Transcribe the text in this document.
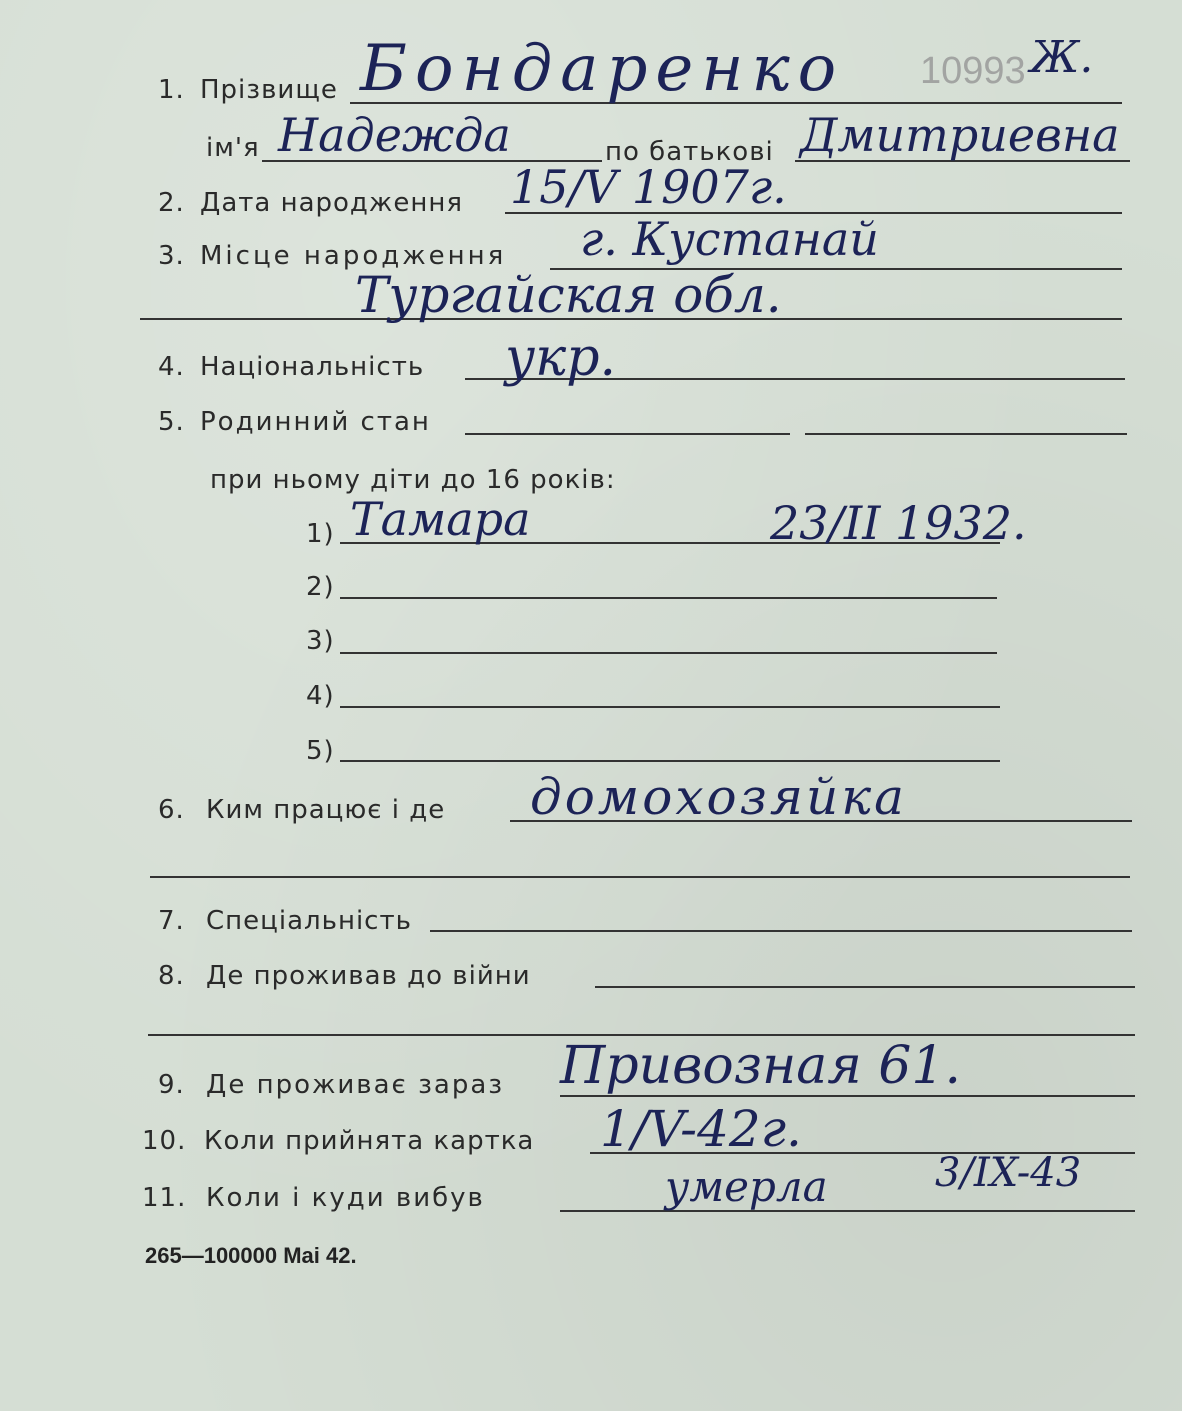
1. Прізвище Бондаренко 10993 Ж.
ім'я Надежда	по батькові Дмитриевна
2. Дата народження 15/V 1907г.
3. Місце народження г. Кустанай
Тургайская обл.
4. Національність укр.
5. Родинний стан
при ньому діти до 16 років:
1) Тамара	23/II 1932.
2)
3)
4)
5)
6. Ким працює і де домохозяйка
7. Спеціальність
8. Де проживав до війни
9. Де проживає зараз Привозная 61.
10. Коли прийнята картка 1/V-42г.
11. Коли і куди вибув	умерла	3/IX-43
265—100000 Mai 42.
